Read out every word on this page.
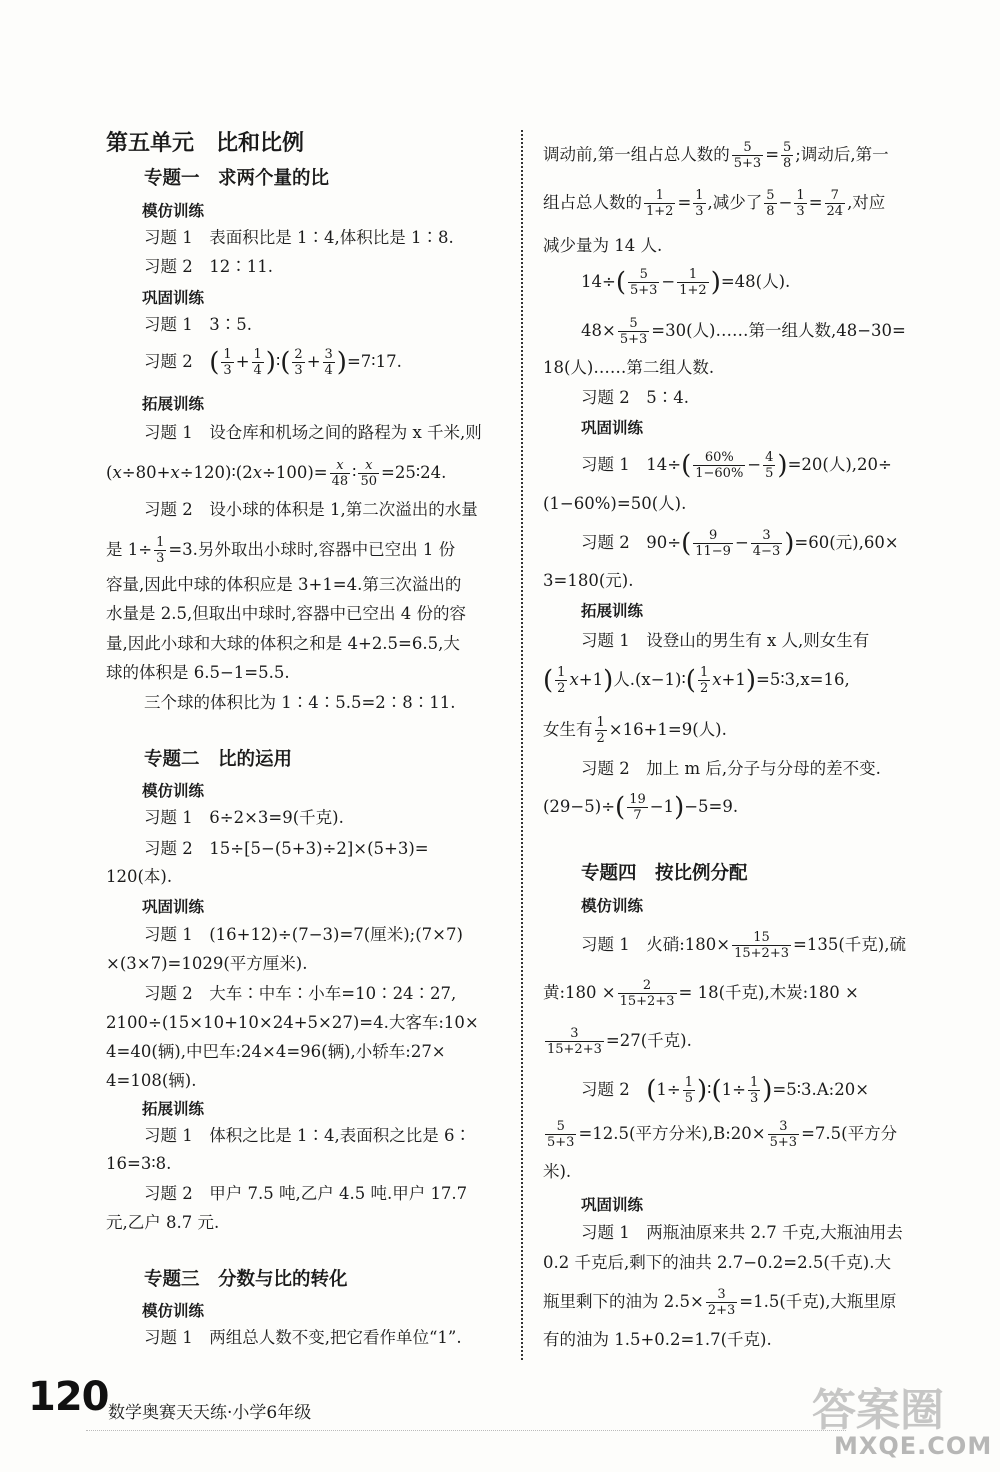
第五单元　比和比例
专题一　求两个量的比
模仿训练
习题 1　表面积比是 1∶4,体积比是 1∶8.
习题 2　12∶11.
巩固训练
习题 1　3∶5.
习题 2　( $\frac{1}{3} + \frac{1}{4}$ )∶( $\frac{2}{3} + \frac{3}{4}$ )=7∶17.
拓展训练
习题 1　设仓库和机场之间的路程为 x 千米,则
(x÷80+x÷120)∶(2x÷100)= $\frac{x}{48}$ ∶ $\frac{x}{50}$ =25∶24.
习题 2　设小球的体积是 1,第二次溢出的水量
是 $1\div \frac{1}{3} =3$.另外取出小球时,容器中已空出 1 份
容量,因此中球的体积应是 3+1=4.第三次溢出的
水量是 2.5,但取出中球时,容器中已空出 4 份的容
量,因此小球和大球的体积之和是 4+2.5=6.5,大
球的体积是 6.5−1=5.5.
三个球的体积比为 1∶4∶5.5=2∶8∶11.
专题二　比的运用
模仿训练
习题 1　6÷2×3=9(千克).
习题 2　15÷[5−(5+3)÷2]×(5+3)=
120(本).
巩固训练
习题 1　(16+12)÷(7−3)=7(厘米);(7×7)
×(3×7)=1029(平方厘米).
习题 2　大车∶中车∶小车=10∶24∶27,
2100÷(15×10+10×24+5×27)=4.大客车:10×
4=40(辆),中巴车:24×4=96(辆),小轿车:27×
4=108(辆).
拓展训练
习题 1　体积之比是 1∶4,表面积之比是 6∶
16=3∶8.
习题 2　甲户 7.5 吨,乙户 4.5 吨.甲户 17.7
元,乙户 8.7 元.
专题三　分数与比的转化
模仿训练
习题 1　两组总人数不变,把它看作单位“1”.
调动前,第一组占总人数的 $\frac{5}{5+3} = \frac{5}{8}$ ;调动后,第一
组占总人数的 $\frac{1}{1+2} = \frac{1}{3}$ ,减少了 $\frac{5}{8} - \frac{1}{3} = \frac{7}{24}$ ,对应
减少量为 14 人.
$14\div( \frac{5}{5+3} - \frac{1}{1+2} )=48$(人).
$48\times \frac{5}{5+3} =30$(人)……第一组人数,48−30=
18(人)……第二组人数.
习题 2　5∶4.
巩固训练
习题 1　$14\div( \frac{60\%}{1-60\%} - \frac{4}{5} )=20$(人),20÷
(1−60%)=50(人).
习题 2　$90\div( \frac{9}{11-9} - \frac{3}{4-3} )=60$(元),60×
3=180(元).
拓展训练
习题 1　设登山的男生有 x 人,则女生有
( $\frac{1}{2} x+1$)人.(x−1)∶( $\frac{1}{2}$ x+1)=5∶3,x=16,
女生有 $\frac{1}{2} \times 16+1=9$(人).
习题 2　加上 m 后,分子与分母的差不变.
$(29-5)\div( \frac{19}{7} -1)-5=9$.
专题四　按比例分配
模仿训练
习题 1　火硝:180× $\frac{15}{15+2+3} =135$(千克),硫
黄:180 × $\frac{2}{15+2+3} = 18$(千克),木炭:180 ×
$\frac{3}{15+2+3} =27$(千克).
习题 2　($1\div \frac{1}{5}$ )∶(1÷ $\frac{1}{3}$ )=5∶3.A:20×
$\frac{5}{5+3} =12.5$(平方分米),B:20× $\frac{3}{5+3} =7.5$(平方分
米).
巩固训练
习题 1　两瓶油原来共 2.7 千克,大瓶油用去
0.2 千克后,剩下的油共 2.7−0.2=2.5(千克).大
瓶里剩下的油为 $2.5\times \frac{3}{2+3} =1.5$(千克),大瓶里原
有的油为 1.5+0.2=1.7(千克).
120 数学奥赛天天练·小学6年级	答案圈
MXQE.COM
